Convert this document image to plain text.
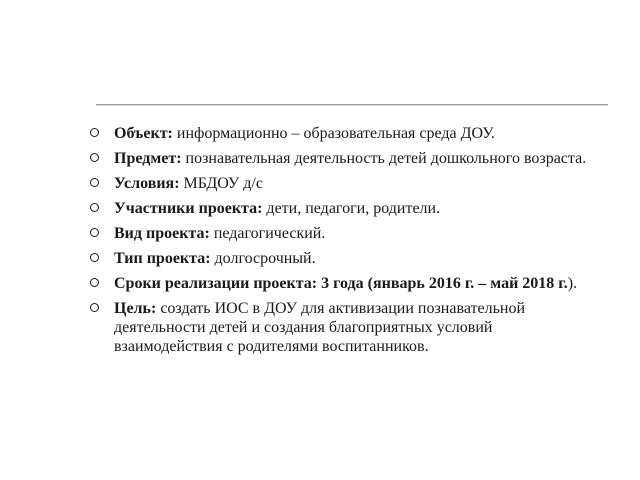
Объект: информационно – образовательная среда ДОУ.
Предмет: познавательная деятельность детей дошкольного возраста.
Условия: МБДОУ д/с
Участники проекта: дети, педагоги, родители.
Вид проекта: педагогический.
Тип проекта: долгосрочный.
Сроки реализации проекта: 3 года (январь 2016 г. – май 2018 г.).
Цель: создать ИОС в ДОУ для активизации познавательной деятельности детей и создания благоприятных условий взаимодействия с родителями воспитанников.
